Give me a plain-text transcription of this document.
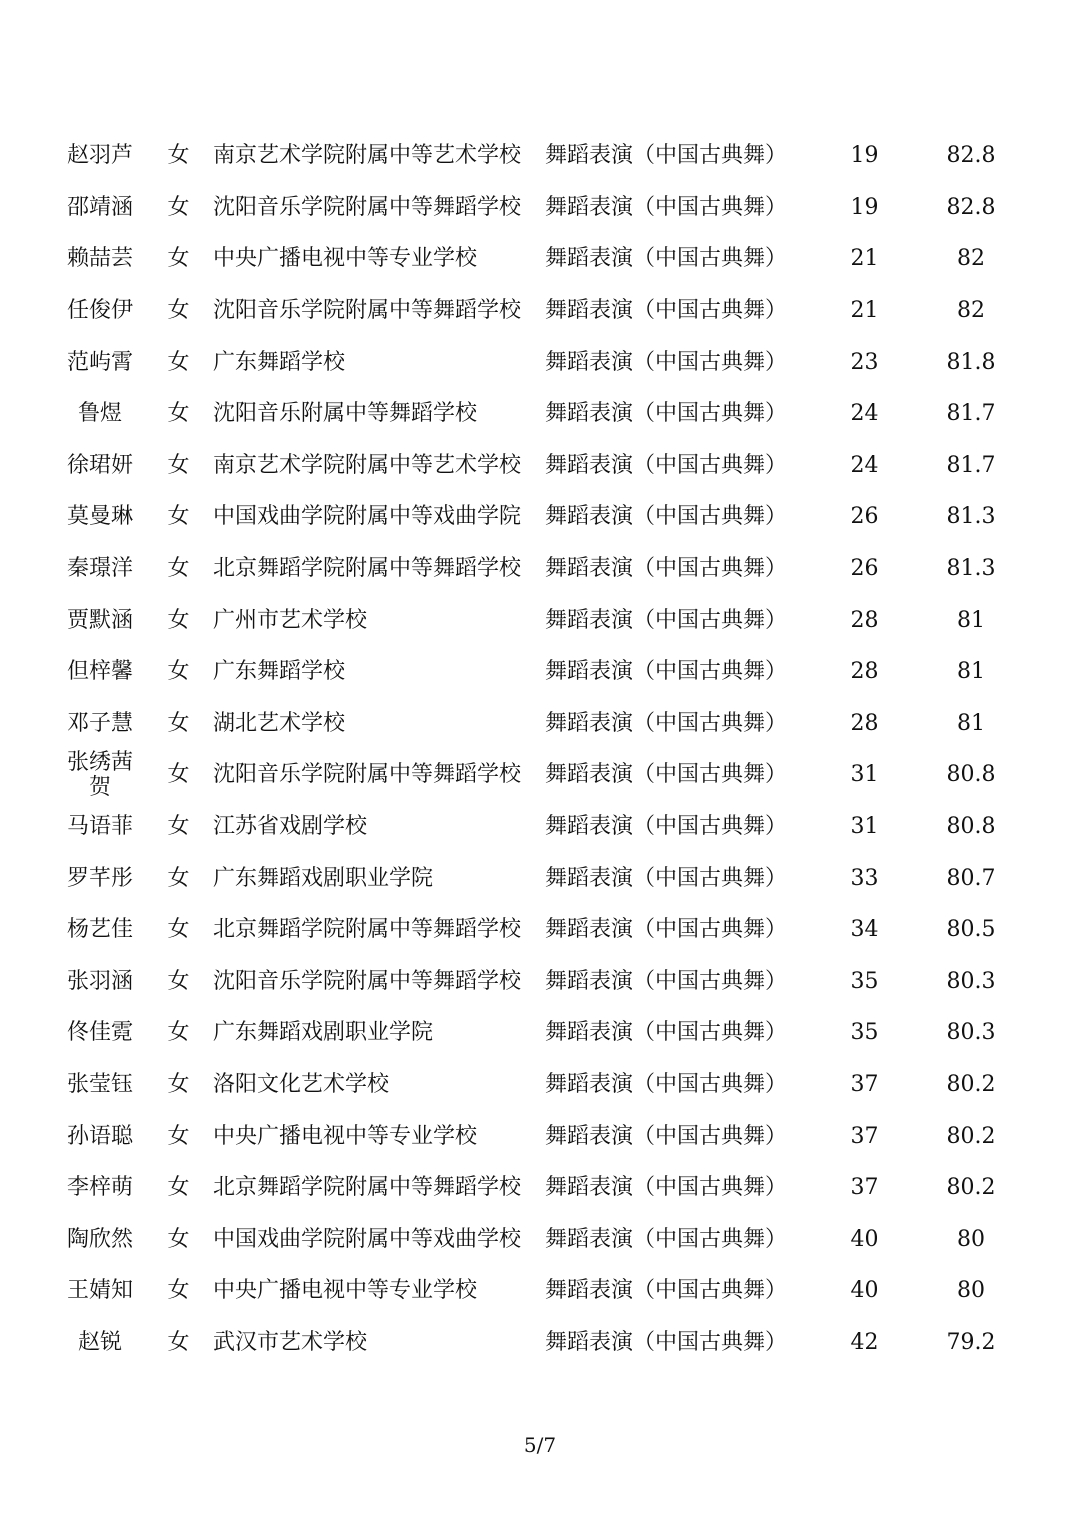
赵羽芦	女	南京艺术学院附属中等艺术学校	舞蹈表演（中国古典舞）	19	82.8

邵靖涵	女	沈阳音乐学院附属中等舞蹈学校	舞蹈表演（中国古典舞）	19	82.8

赖喆芸	女	中央广播电视中等专业学校	舞蹈表演（中国古典舞）	21	82

任俊伊	女	沈阳音乐学院附属中等舞蹈学校	舞蹈表演（中国古典舞）	21	82

范屿霄	女	广东舞蹈学校	舞蹈表演（中国古典舞）	23	81.8

鲁煜	女	沈阳音乐附属中等舞蹈学校	舞蹈表演（中国古典舞）	24	81.7

徐珺妍	女	南京艺术学院附属中等艺术学校	舞蹈表演（中国古典舞）	24	81.7

莫曼琳	女	中国戏曲学院附属中等戏曲学院	舞蹈表演（中国古典舞）	26	81.3

秦璟洋	女	北京舞蹈学院附属中等舞蹈学校	舞蹈表演（中国古典舞）	26	81.3

贾默涵	女	广州市艺术学校	舞蹈表演（中国古典舞）	28	81

但梓馨	女	广东舞蹈学校	舞蹈表演（中国古典舞）	28	81

邓子慧	女	湖北艺术学校	舞蹈表演（中国古典舞）	28	81

张绣茜贺	女	沈阳音乐学院附属中等舞蹈学校	舞蹈表演（中国古典舞）	31	80.8

马语菲	女	江苏省戏剧学校	舞蹈表演（中国古典舞）	31	80.8

罗芊彤	女	广东舞蹈戏剧职业学院	舞蹈表演（中国古典舞）	33	80.7

杨艺佳	女	北京舞蹈学院附属中等舞蹈学校	舞蹈表演（中国古典舞）	34	80.5

张羽涵	女	沈阳音乐学院附属中等舞蹈学校	舞蹈表演（中国古典舞）	35	80.3

佟佳霓	女	广东舞蹈戏剧职业学院	舞蹈表演（中国古典舞）	35	80.3

张莹钰	女	洛阳文化艺术学校	舞蹈表演（中国古典舞）	37	80.2

孙语聪	女	中央广播电视中等专业学校	舞蹈表演（中国古典舞）	37	80.2

李梓萌	女	北京舞蹈学院附属中等舞蹈学校	舞蹈表演（中国古典舞）	37	80.2

陶欣然	女	中国戏曲学院附属中等戏曲学校	舞蹈表演（中国古典舞）	40	80

王婧知	女	中央广播电视中等专业学校	舞蹈表演（中国古典舞）	40	80

赵锐	女	武汉市艺术学校	舞蹈表演（中国古典舞）	42	79.2
5/7
